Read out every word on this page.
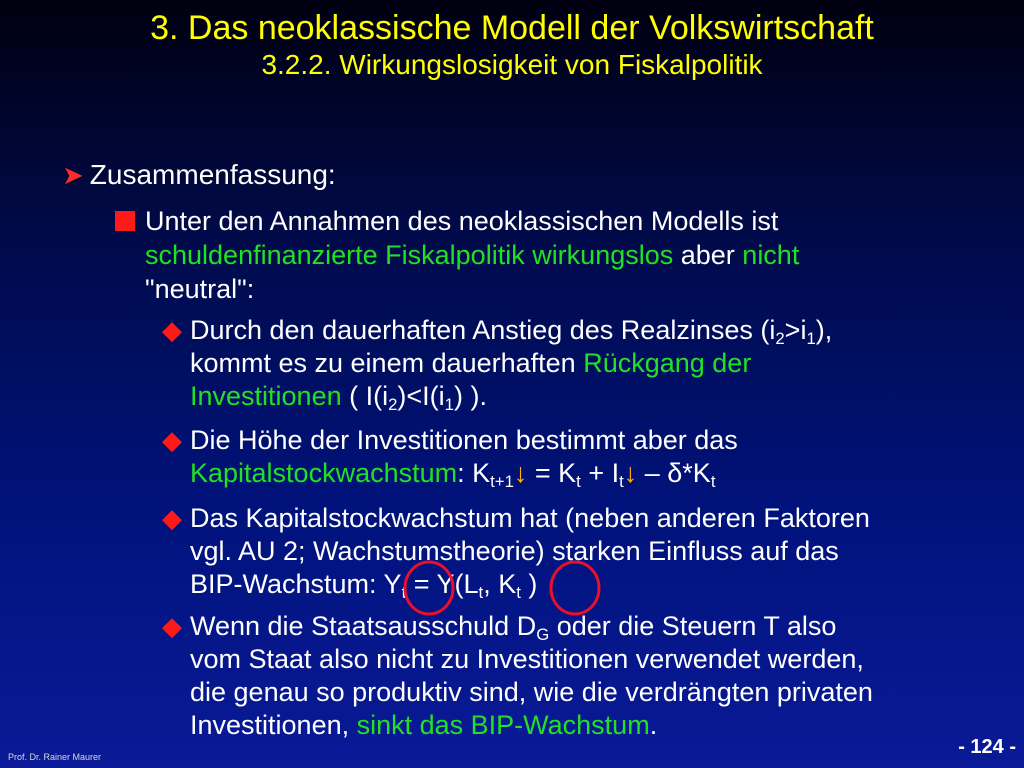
3. Das neoklassische Modell der Volkswirtschaft
3.2.2. Wirkungslosigkeit von Fiskalpolitik
➤ Zusammenfassung:
Unter den Annahmen des neoklassischen Modells ist schuldenfinanzierte Fiskalpolitik wirkungslos aber nicht
"neutral":
◆ Durch den dauerhaften Anstieg des Realzinses $(i_2>i_1)$,
kommt es zu einem dauerhaften Rückgang der
Investitionen ( $I(i_2)<I(i_1)$ ).
◆ Die Höhe der Investitionen bestimmt aber das
Kapitalstockwachstum: $K_{t+1}↓ = K_t$ + $I_t↓ - \delta*K_t$
◆ Das Kapitalstockwachstum hat (neben anderen Faktoren
vgl. AU 2; Wachstumstheorie) starken Einfluss auf das
BIP-Wachstum: $Y_t = Y(L_t$, $K_t$ )
◆ Wenn die Staatsausschuld $D_G$ oder die Steuern T also
vom Staat also nicht zu Investitionen verwendet werden,
die genau so produktiv sind, wie die verdrängten privaten
Investitionen, sinkt das BIP-Wachstum.
Prof. Dr. Rainer Maurer	- 124 -
